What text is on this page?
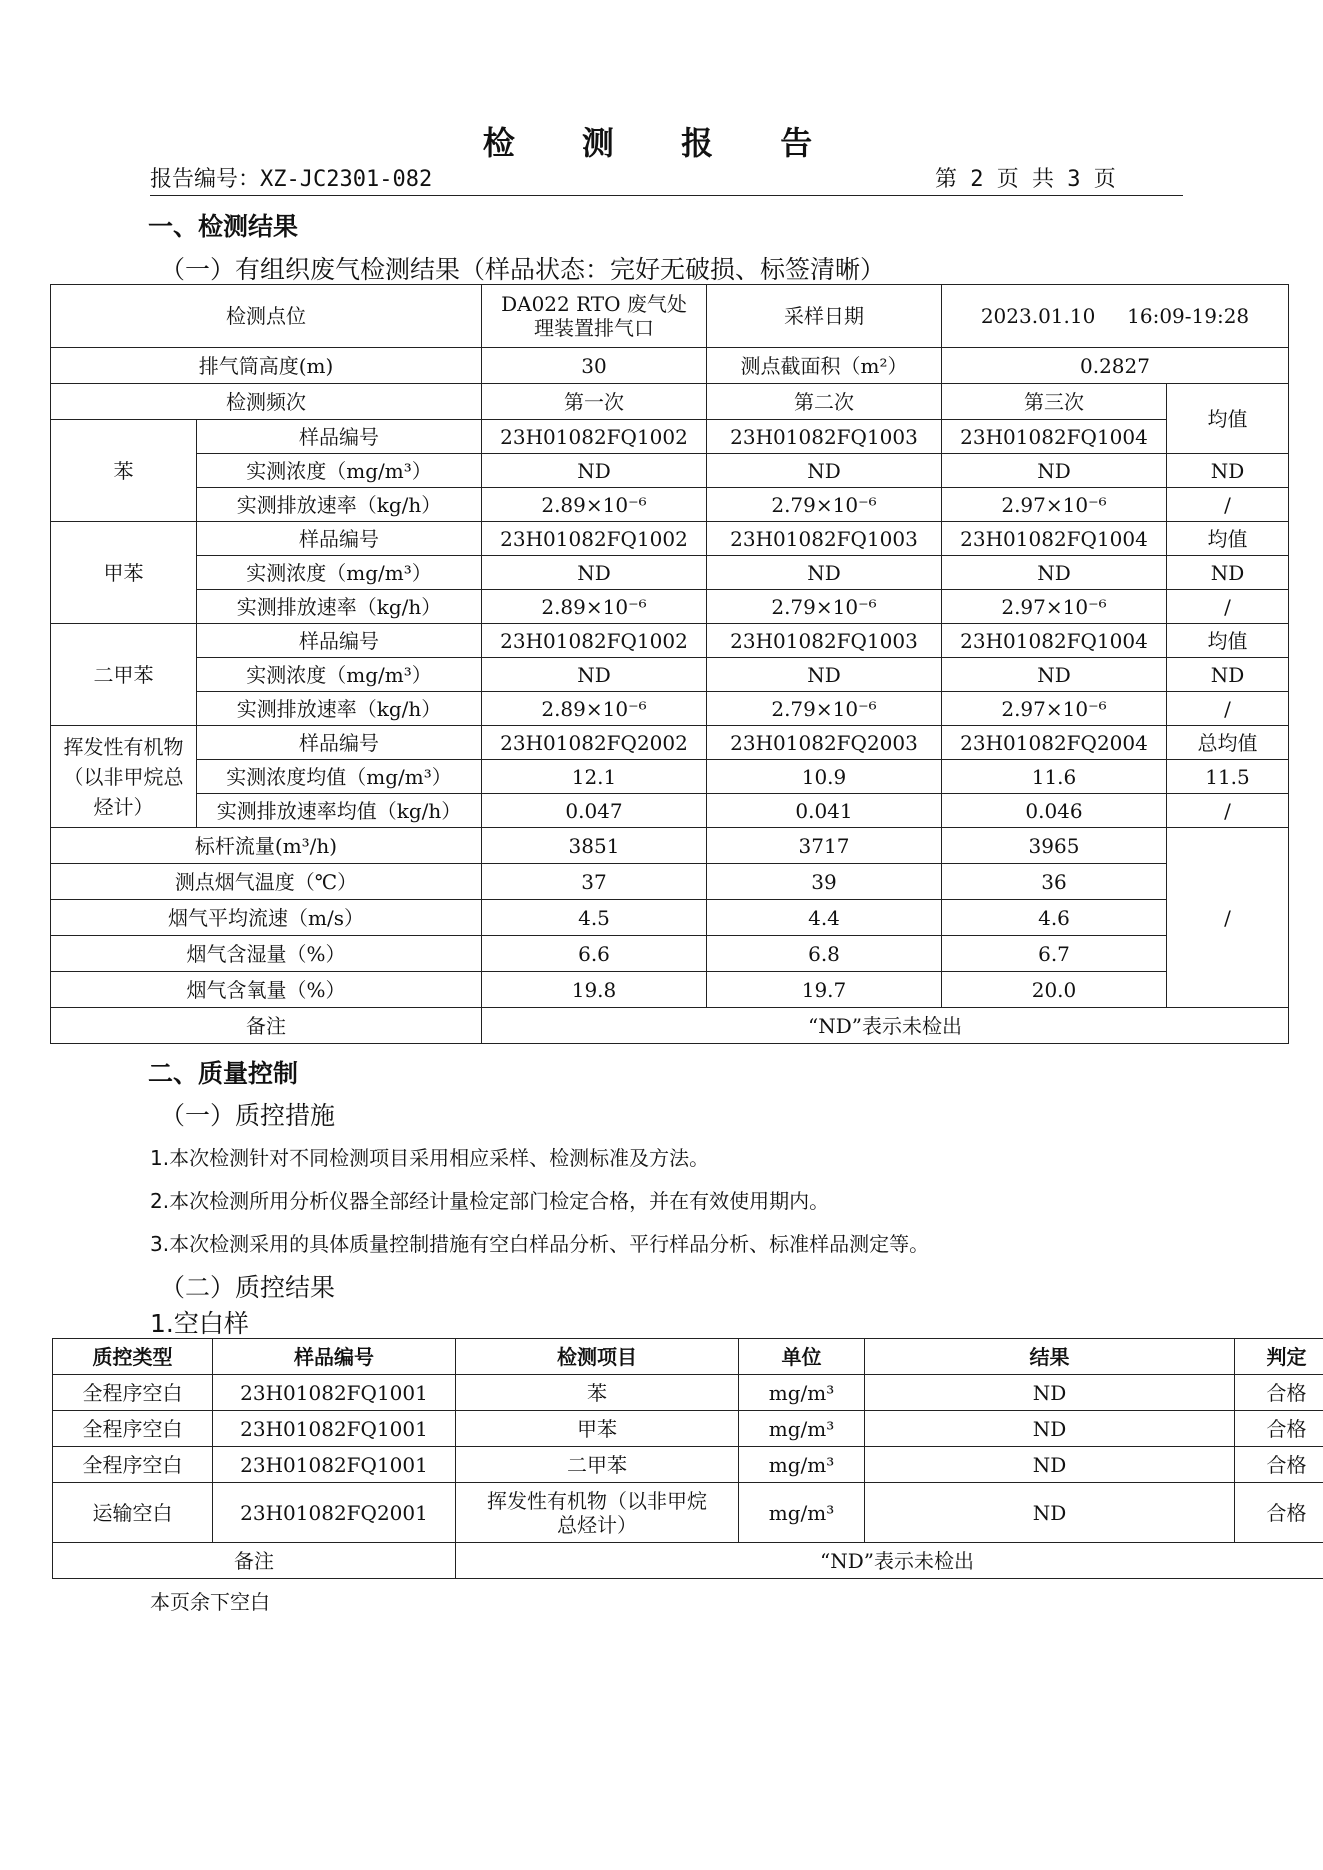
检 测 报 告
报告编号：XZ-JC2301-082	第 2 页 共 3 页
一、检测结果
（一）有组织废气检测结果（样品状态：完好无破损、标签清晰）
检测点位		DA022 RTO 废气处理装置排气口	采样日期	2023.01.10     16:09-19:28	
排气筒高度(m)		30	测点截面积（m²）	0.2827	
检测频次		第一次	第二次	第三次	均值
苯	样品编号	23H01082FQ1002	23H01082FQ1003	23H01082FQ1004	
	实测浓度（mg/m³）	ND	ND	ND	ND
	实测排放速率（kg/h）	2.89×10⁻⁶	2.79×10⁻⁶	2.97×10⁻⁶	/
甲苯	样品编号	23H01082FQ1002	23H01082FQ1003	23H01082FQ1004	均值
	实测浓度（mg/m³）	ND	ND	ND	ND
	实测排放速率（kg/h）	2.89×10⁻⁶	2.79×10⁻⁶	2.97×10⁻⁶	/
二甲苯	样品编号	23H01082FQ1002	23H01082FQ1003	23H01082FQ1004	均值
	实测浓度（mg/m³）	ND	ND	ND	ND
	实测排放速率（kg/h）	2.89×10⁻⁶	2.79×10⁻⁶	2.97×10⁻⁶	/
挥发性有机物（以非甲烷总烃计）	样品编号	23H01082FQ2002	23H01082FQ2003	23H01082FQ2004	总均值
	实测浓度均值（mg/m³）	12.1	10.9	11.6	11.5
	实测排放速率均值（kg/h）	0.047	0.041	0.046	/
标杆流量(m³/h)		3851	3717	3965	/
测点烟气温度（℃）		37	39	36	
烟气平均流速（m/s）		4.5	4.4	4.6	
烟气含湿量（%）		6.6	6.8	6.7	
烟气含氧量（%）		19.8	19.7	20.0	
备注		“ND”表示未检出			
二、质量控制
（一）质控措施
1.本次检测针对不同检测项目采用相应采样、检测标准及方法。
2.本次检测所用分析仪器全部经计量检定部门检定合格，并在有效使用期内。
3.本次检测采用的具体质量控制措施有空白样品分析、平行样品分析、标准样品测定等。
（二）质控结果
1.空白样
质控类型	样品编号	检测项目	单位	结果	判定
全程序空白	23H01082FQ1001	苯	mg/m³	ND	合格
全程序空白	23H01082FQ1001	甲苯	mg/m³	ND	合格
全程序空白	23H01082FQ1001	二甲苯	mg/m³	ND	合格
运输空白	23H01082FQ2001	挥发性有机物（以非甲烷总烃计）	mg/m³	ND	合格
备注		“ND”表示未检出			
本页余下空白
